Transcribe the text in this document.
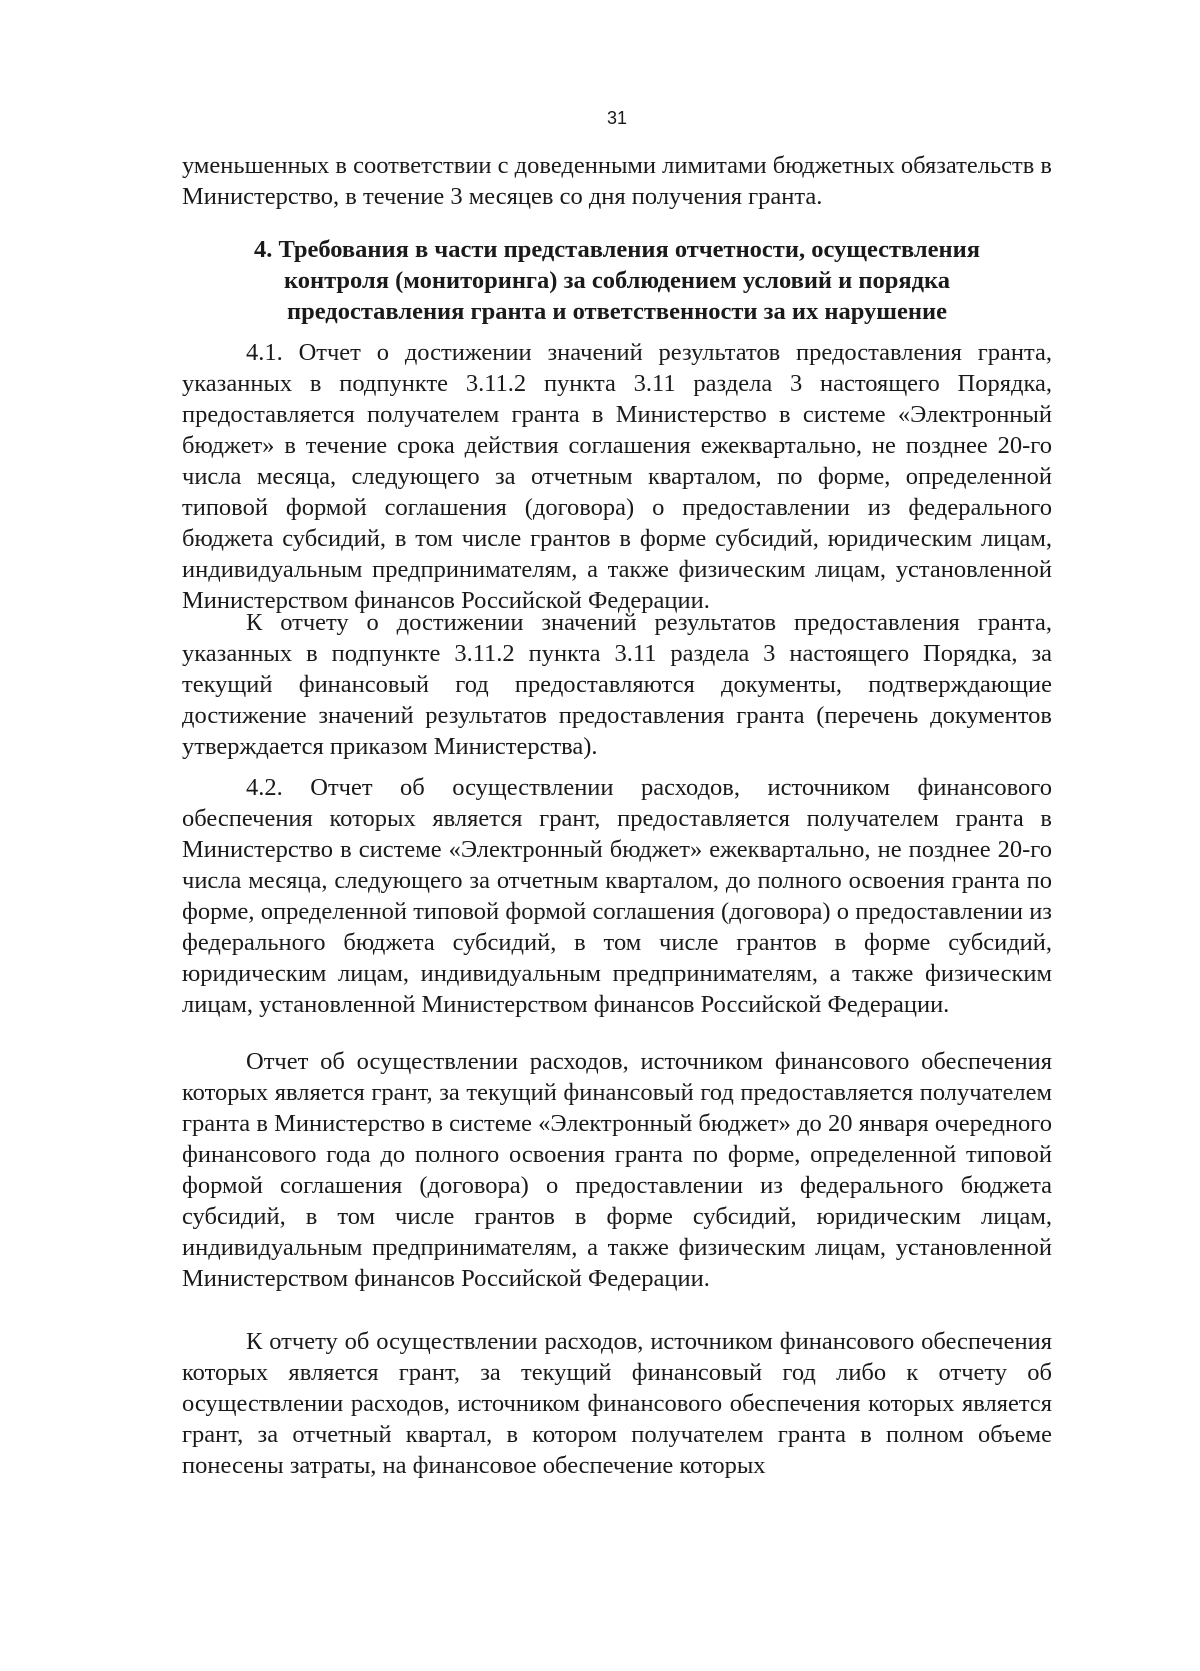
31

уменьшенных в соответствии с доведенными лимитами бюджетных обязательств в Министерство, в течение 3 месяцев со дня получения гранта.

4. Требования в части представления отчетности, осуществления контроля (мониторинга) за соблюдением условий и порядка предоставления гранта и ответственности за их нарушение

4.1. Отчет о достижении значений результатов предоставления гранта, указанных в подпункте 3.11.2 пункта 3.11 раздела 3 настоящего Порядка, предоставляется получателем гранта в Министерство в системе «Электронный бюджет» в течение срока действия соглашения ежеквартально, не позднее 20-го числа месяца, следующего за отчетным кварталом, по форме, определенной типовой формой соглашения (договора) о предоставлении из федерального бюджета субсидий, в том числе грантов в форме субсидий, юридическим лицам, индивидуальным предпринимателям, а также физическим лицам, установленной Министерством финансов Российской Федерации.

К отчету о достижении значений результатов предоставления гранта, указанных в подпункте 3.11.2 пункта 3.11 раздела 3 настоящего Порядка, за текущий финансовый год предоставляются документы, подтверждающие достижение значений результатов предоставления гранта (перечень документов утверждается приказом Министерства).

4.2. Отчет об осуществлении расходов, источником финансового обеспечения которых является грант, предоставляется получателем гранта в Министерство в системе «Электронный бюджет» ежеквартально, не позднее 20-го числа месяца, следующего за отчетным кварталом, до полного освоения гранта по форме, определенной типовой формой соглашения (договора) о предоставлении из федерального бюджета субсидий, в том числе грантов в форме субсидий, юридическим лицам, индивидуальным предпринимателям, а также физическим лицам, установленной Министерством финансов Российской Федерации.

Отчет об осуществлении расходов, источником финансового обеспечения которых является грант, за текущий финансовый год предоставляется получателем гранта в Министерство в системе «Электронный бюджет» до 20 января очередного финансового года до полного освоения гранта по форме, определенной типовой формой соглашения (договора) о предоставлении из федерального бюджета субсидий, в том числе грантов в форме субсидий, юридическим лицам, индивидуальным предпринимателям, а также физическим лицам, установленной Министерством финансов Российской Федерации.

К отчету об осуществлении расходов, источником финансового обеспечения которых является грант, за текущий финансовый год либо к отчету об осуществлении расходов, источником финансового обеспечения которых является грант, за отчетный квартал, в котором получателем гранта в полном объеме понесены затраты, на финансовое обеспечение которых
